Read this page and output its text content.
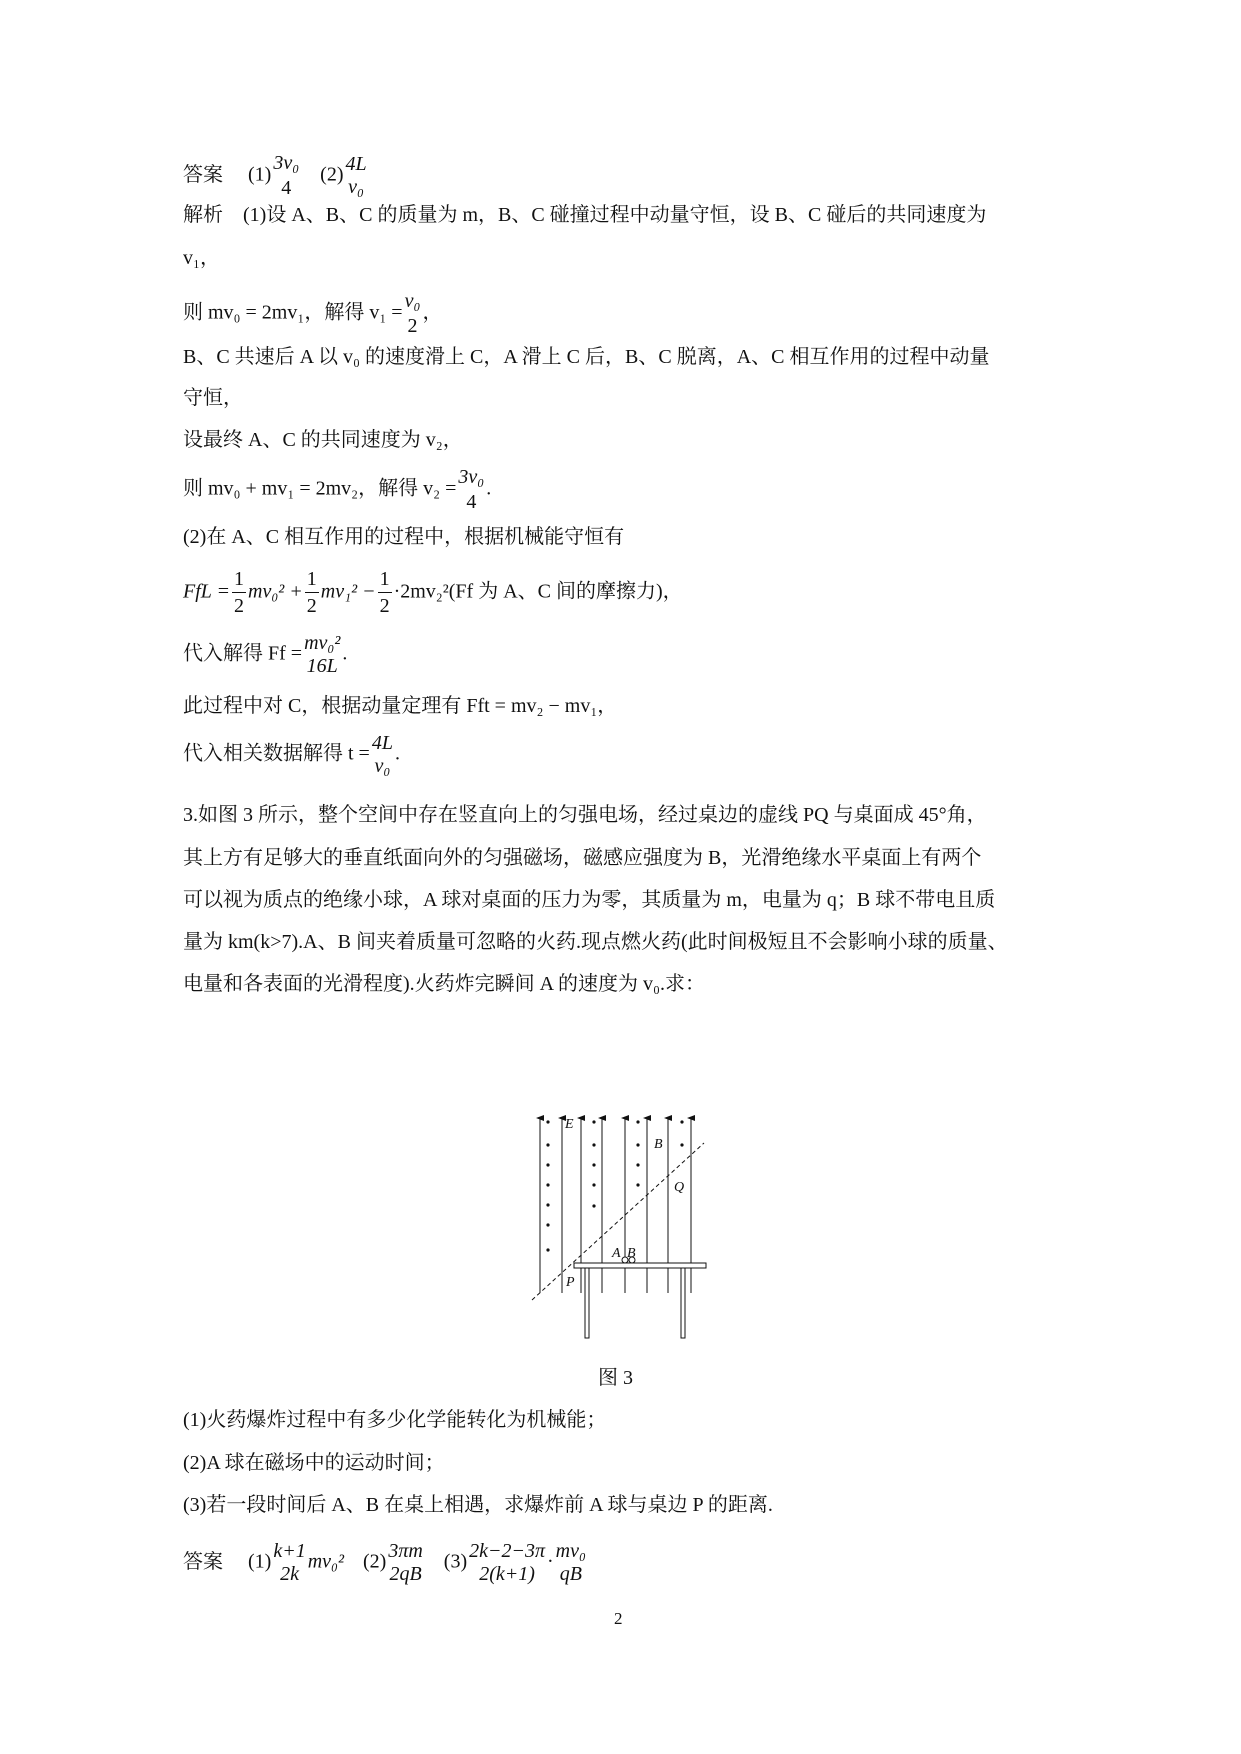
答案 (1)
3v₀
4
(2) 4L
v₀
解析 (1)设 A、B、C 的质量为 m，B、C 碰撞过程中动量守恒，设 B、C 碰后的共同速度为
v₁，
则 mv₀ = 2mv₁，解得 v₁ =
v₀
2
，
B、C 共速后 A 以 v₀ 的速度滑上 C，A 滑上 C 后，B、C 脱离，A、C 相互作用的过程中动量
守恒，
设最终 A、C 的共同速度为 v₂，
则 mv₀ + mv₁ = 2mv₂，解得 v₂ =
3v₀
4
.
(2)在 A、C 相互作用的过程中，根据机械能守恒有
FfL = $\frac{1}{2} mv_0^2 + \frac{1}{2} mv_1^2 - \frac{1}{2} \cdot 2mv_2^2(Ff$ 为 A、C 间的摩擦力)，
代入解得 Ff = mv₀²
16L
.
此过程中对 C，根据动量定理有 Fft = mv₂ − mv₁，
代入相关数据解得 t = 4L
v₀
.
3.如图 3 所示，整个空间中存在竖直向上的匀强电场，经过桌边的虚线 PQ 与桌面成 45°角，
其上方有足够大的垂直纸面向外的匀强磁场，磁感应强度为 B，光滑绝缘水平桌面上有两个
可以视为质点的绝缘小球，A 球对桌面的压力为零，其质量为 m，电量为 q；B 球不带电且质
量为 km(k>7).A、B 间夹着质量可忽略的火药.现点燃火药(此时间极短且不会影响小球的质量、
电量和各表面的光滑程度).火药炸完瞬间 A 的速度为 v₀.求：
E
B
Q
P
A B
图 3
(1)火药爆炸过程中有多少化学能转化为机械能；
(2)A 球在磁场中的运动时间；
(3)若一段时间后 A、B 在桌上相遇，求爆炸前 A 球与桌边 P 的距离.
答案 (1) k+1
2k
mv₀² (2) 3πm
2qB
(3) 2k−2−3π
2(k+1)
· mv₀
qB
2
